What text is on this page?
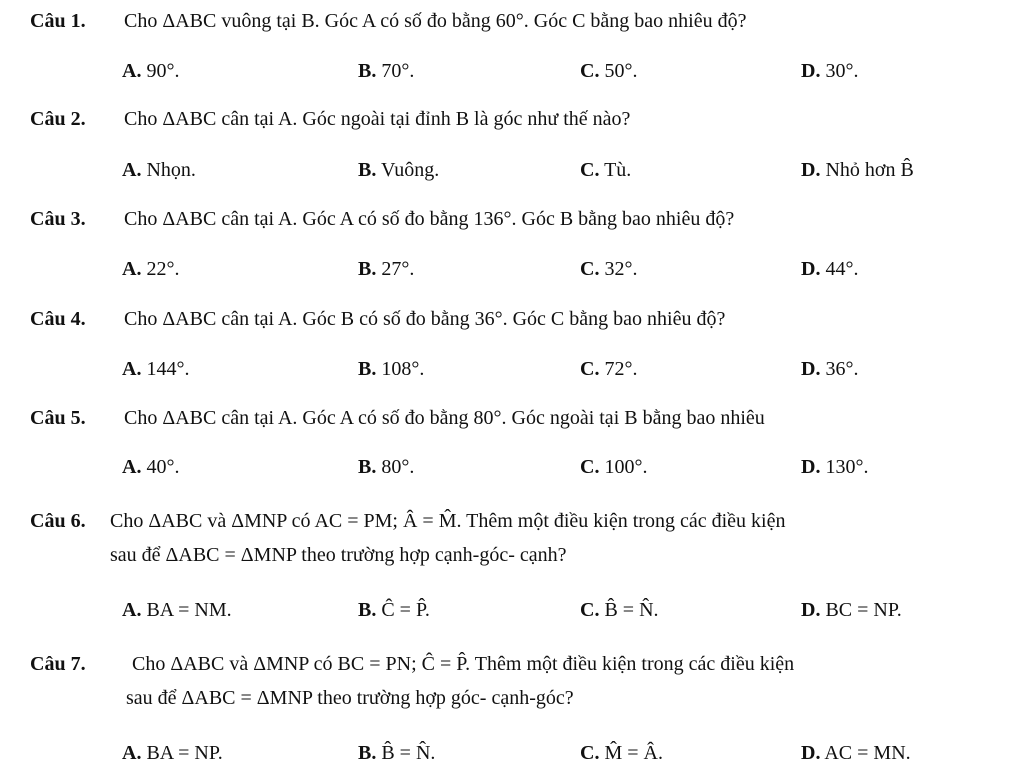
Câu 1. Cho ΔABC vuông tại B. Góc A có số đo bằng 60°. Góc C bằng bao nhiêu độ?
A. 90°.	B. 70°.	C. 50°.	D. 30°.
Câu 2. Cho ΔABC cân tại A. Góc ngoài tại đỉnh B là góc như thế nào?
A. Nhọn.	B. Vuông.	C. Tù.	D. Nhỏ hơn B̂
Câu 3. Cho ΔABC cân tại A. Góc A có số đo bằng 136°. Góc B bằng bao nhiêu độ?
A. 22°.	B. 27°.	C. 32°.	D. 44°.
Câu 4. Cho ΔABC cân tại A. Góc B có số đo bằng 36°. Góc C bằng bao nhiêu độ?
A. 144°.	B. 108°.	C. 72°.	D. 36°.
Câu 5. Cho ΔABC cân tại A. Góc A có số đo bằng 80°. Góc ngoài tại B bằng bao nhiêu
A. 40°.	B. 80°.	C. 100°.	D. 130°.
Câu 6. Cho ΔABC và ΔMNP có AC = PM; Â = M̂. Thêm một điều kiện trong các điều kiện
sau để ΔABC = ΔMNP theo trường hợp cạnh-góc- cạnh?
A. BA = NM.	B. Ĉ = P̂.	C. B̂ = N̂.	D. BC = NP.
Câu 7. Cho ΔABC và ΔMNP có BC = PN; Ĉ = P̂. Thêm một điều kiện trong các điều kiện
sau để ΔABC = ΔMNP theo trường hợp góc- cạnh-góc?
A. BA = NP.	B. B̂ = N̂.	C. M̂ = Â.	D. AC = MN.
